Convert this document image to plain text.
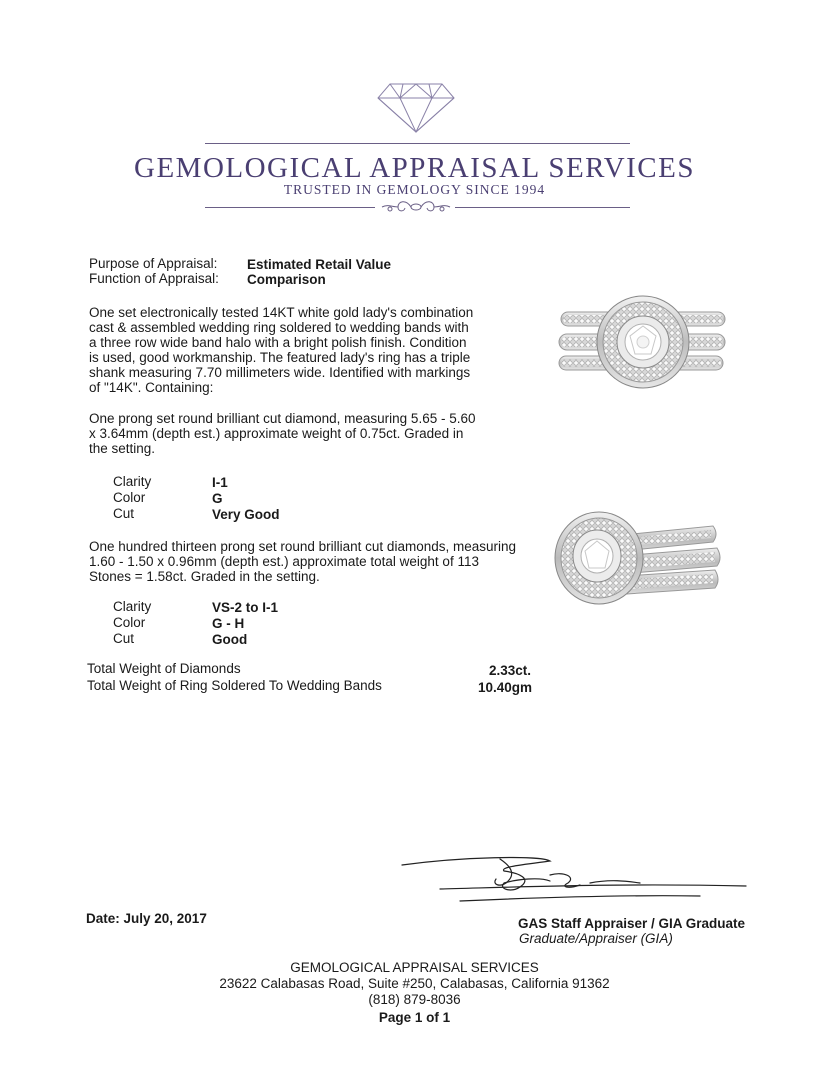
GEMOLOGICAL APPRAISAL SERVICES
TRUSTED IN GEMOLOGY SINCE 1994
Purpose of Appraisal: Estimated Retail Value
Function of Appraisal: Comparison
One set electronically tested 14KT white gold lady's combination
cast & assembled wedding ring soldered to wedding bands with
a three row wide band halo with a bright polish finish. Condition
is used, good workmanship. The featured lady's ring has a triple
shank measuring 7.70 millimeters wide. Identified with markings
of "14K". Containing:
One prong set round brilliant cut diamond, measuring 5.65 - 5.60
x 3.64mm (depth est.) approximate weight of 0.75ct. Graded in
the setting.
Clarity	I-1
Color	G
Cut	Very Good
One hundred thirteen prong set round brilliant cut diamonds, measuring
1.60 - 1.50 x 0.96mm (depth est.) approximate total weight of 113
Stones = 1.58ct. Graded in the setting.
Clarity	VS-2 to I-1
Color	G - H
Cut	Good
Total Weight of Diamonds	2.33ct.
Total Weight of Ring Soldered To Wedding Bands	10.40gm
Date: July 20, 2017	GAS Staff Appraiser / GIA Graduate
Graduate/Appraiser (GIA)
GEMOLOGICAL APPRAISAL SERVICES
23622 Calabasas Road, Suite #250, Calabasas, California 91362
(818) 879-8036
Page 1 of 1
